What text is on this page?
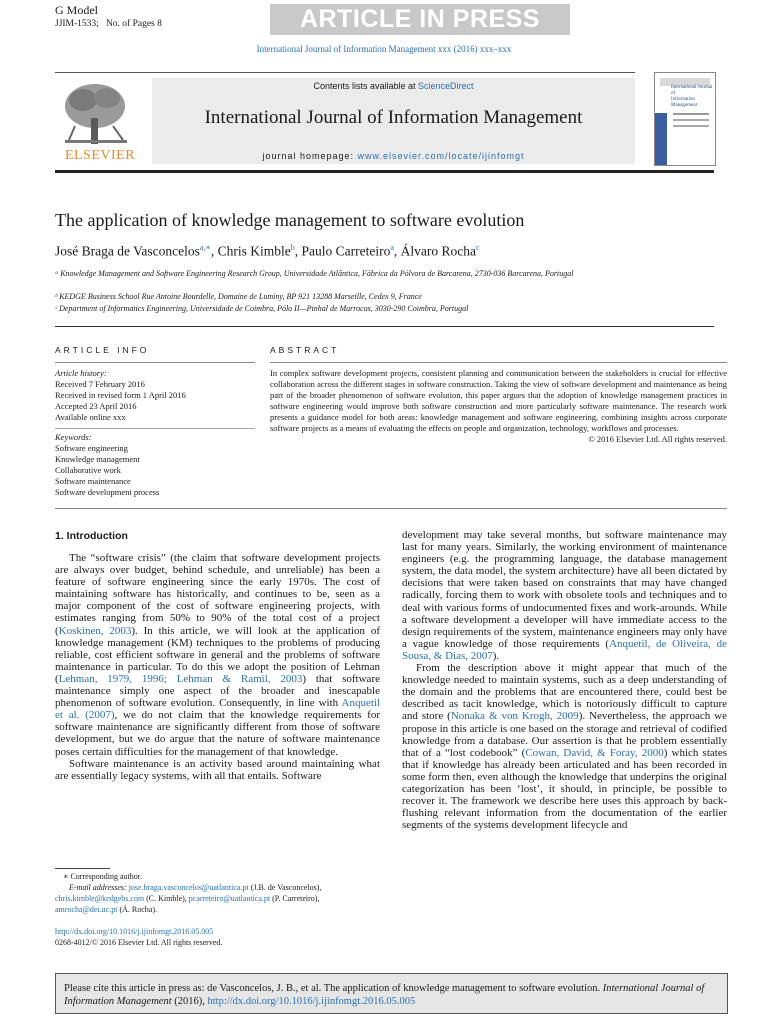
G Model
JJIM-1533; No. of Pages 8	ARTICLE IN PRESS
International Journal of Information Management xxx (2016) xxx–xxx
ELSEVIER
Contents lists available at ScienceDirect
International Journal of Information Management
journal homepage: www.elsevier.com/locate/ijinfomgt
International Journal of
Information
Management
The application of knowledge management to software evolution
José Braga de Vasconcelos$^{a,∗}$, Chris Kimble$^b$, Paulo Carreteiro$^a$, Álvaro Rocha$^c$
ᵃ Knowledge Management and Software Engineering Research Group, Universidade Atlântica, Fábrica da Pólvora de Barcarena, 2730-036 Barcarena, Portugal
ᵇ KEDGE Business School Rue Antoine Bourdelle, Domaine de Luminy, BP 921 13288 Marseille, Cedex 9, France
ᶜ Department of Informatics Engineering, Universidade de Coimbra, Pólo II—Pinhal de Marrocos, 3030-290 Coimbra, Portugal
ARTICLE INFO	ABSTRACT
Article history:
Received 7 February 2016
Received in revised form 1 April 2016
Accepted 23 April 2016
Available online xxx
Keywords:
Software engineering
Knowledge management
Collaborative work
Software maintenance
Software development process
In complex software development projects, consistent planning and communication between the stakeholders is crucial for effective collaboration across the different stages in software construction. Taking the view of software development and maintenance as being part of the broader phenomenon of software evolution, this paper argues that the adoption of knowledge management practices in software engineering would improve both software construction and more particularly software maintenance. The research work presents a guidance model for both areas: knowledge management and software engineering, combining insights across corporate software projects as a means of evaluating the effects on people and organization, technology, workflows and processes.
© 2016 Elsevier Ltd. All rights reserved.
1. Introduction

The “software crisis” (the claim that software development projects are always over budget, behind schedule, and unreliable) has been a feature of software engineering since the early 1970s. The cost of maintaining software has historically, and continues to be, seen as a major component of the cost of software engineering projects, with estimates ranging from 50% to 90% of the total cost of a project (Koskinen, 2003). In this article, we will look at the application of knowledge management (KM) techniques to the problems of producing reliable, cost efficient software in general and the problems of software maintenance in particular. To do this we adopt the position of Lehman (Lehman, 1979, 1996; Lehman & Ramil, 2003) that software maintenance simply one aspect of the broader and inescapable phenomenon of software evolution. Consequently, in line with Anquetil et al. (2007), we do not claim that the knowledge requirements for software maintenance are significantly different from those of software development, but we do argue that the nature of software maintenance poses certain difficulties for the management of that knowledge.

Software maintenance is an activity based around maintaining what are essentially legacy systems, with all that entails. Software

development may take several months, but software maintenance may last for many years. Similarly, the working environment of maintenance engineers (e.g. the programming language, the database management system, the data model, the system architecture) have all been dictated by decisions that were taken based on constraints that may have changed radically, forcing them to work with obsolete tools and techniques and to deal with various forms of undocumented fixes and work-arounds. While a software development a developer will have immediate access to the design requirements of the system, maintenance engineers may only have a vague knowledge of those requirements (Anquetil, de Oliveira, de Sousa, & Dias, 2007).

From the description above it might appear that much of the knowledge needed to maintain systems, such as a deep understanding of the domain and the problems that are encountered there, could best be described as tacit knowledge, which is notoriously difficult to capture and store (Nonaka & von Krogh, 2009). Nevertheless, the approach we propose in this article is one based on the storage and retrieval of codified knowledge from a database. Our assertion is that he problem essentially that of a “lost codebook” (Cowan, David, & Foray, 2000) which states that if knowledge has already been articulated and has been recorded in some form then, even although the knowledge that underpins the original categorization has been ‘lost’, it should, in principle, be possible to recover it. The framework we describe here uses this approach by back-flushing relevant information from the documentation of the earlier segments of the systems development lifecycle and

∗ Corresponding author.
E-mail addresses: jose.braga.vasconcelos@uatlantica.pt (J.B. de Vasconcelos),
chris.kimble@kedgebs.com (C. Kimble), pcarreteiro@uatlantica.pt (P. Carreteiro),
amrocha@dei.uc.pt (Á. Rocha).
http://dx.doi.org/10.1016/j.ijinfomgt.2016.05.005
0268-4012/© 2016 Elsevier Ltd. All rights reserved.
Please cite this article in press as: de Vasconcelos, J. B., et al. The application of knowledge management to software evolution. International Journal of Information Management (2016), http://dx.doi.org/10.1016/j.ijinfomgt.2016.05.005
